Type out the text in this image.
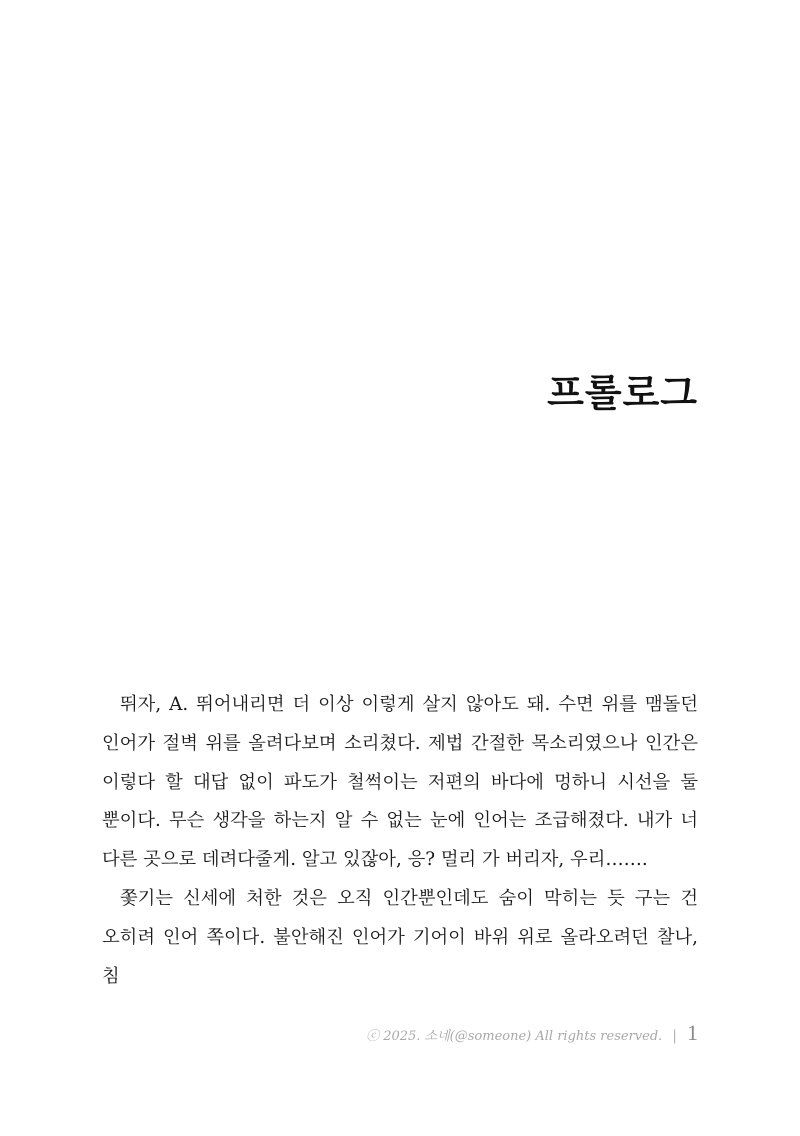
프롤로그

뛰자, A. 뛰어내리면 더 이상 이렇게 살지 않아도 돼. 수면 위를 맴돌던 인어가 절벽 위를 올려다보며 소리쳤다. 제법 간절한 목소리였으나 인간은 이렇다 할 대답 없이 파도가 철썩이는 저편의 바다에 멍하니 시선을 둘 뿐이다. 무슨 생각을 하는지 알 수 없는 눈에 인어는 조급해졌다. 내가 너 다른 곳으로 데려다줄게. 알고 있잖아, 응? 멀리 가 버리자, 우리…….

쫓기는 신세에 처한 것은 오직 인간뿐인데도 숨이 막히는 듯 구는 건 오히려 인어 쪽이다. 불안해진 인어가 기어이 바위 위로 올라오려던 찰나, 침

ⓒ 2025. 소네(@someone) All rights reserved. | 1
